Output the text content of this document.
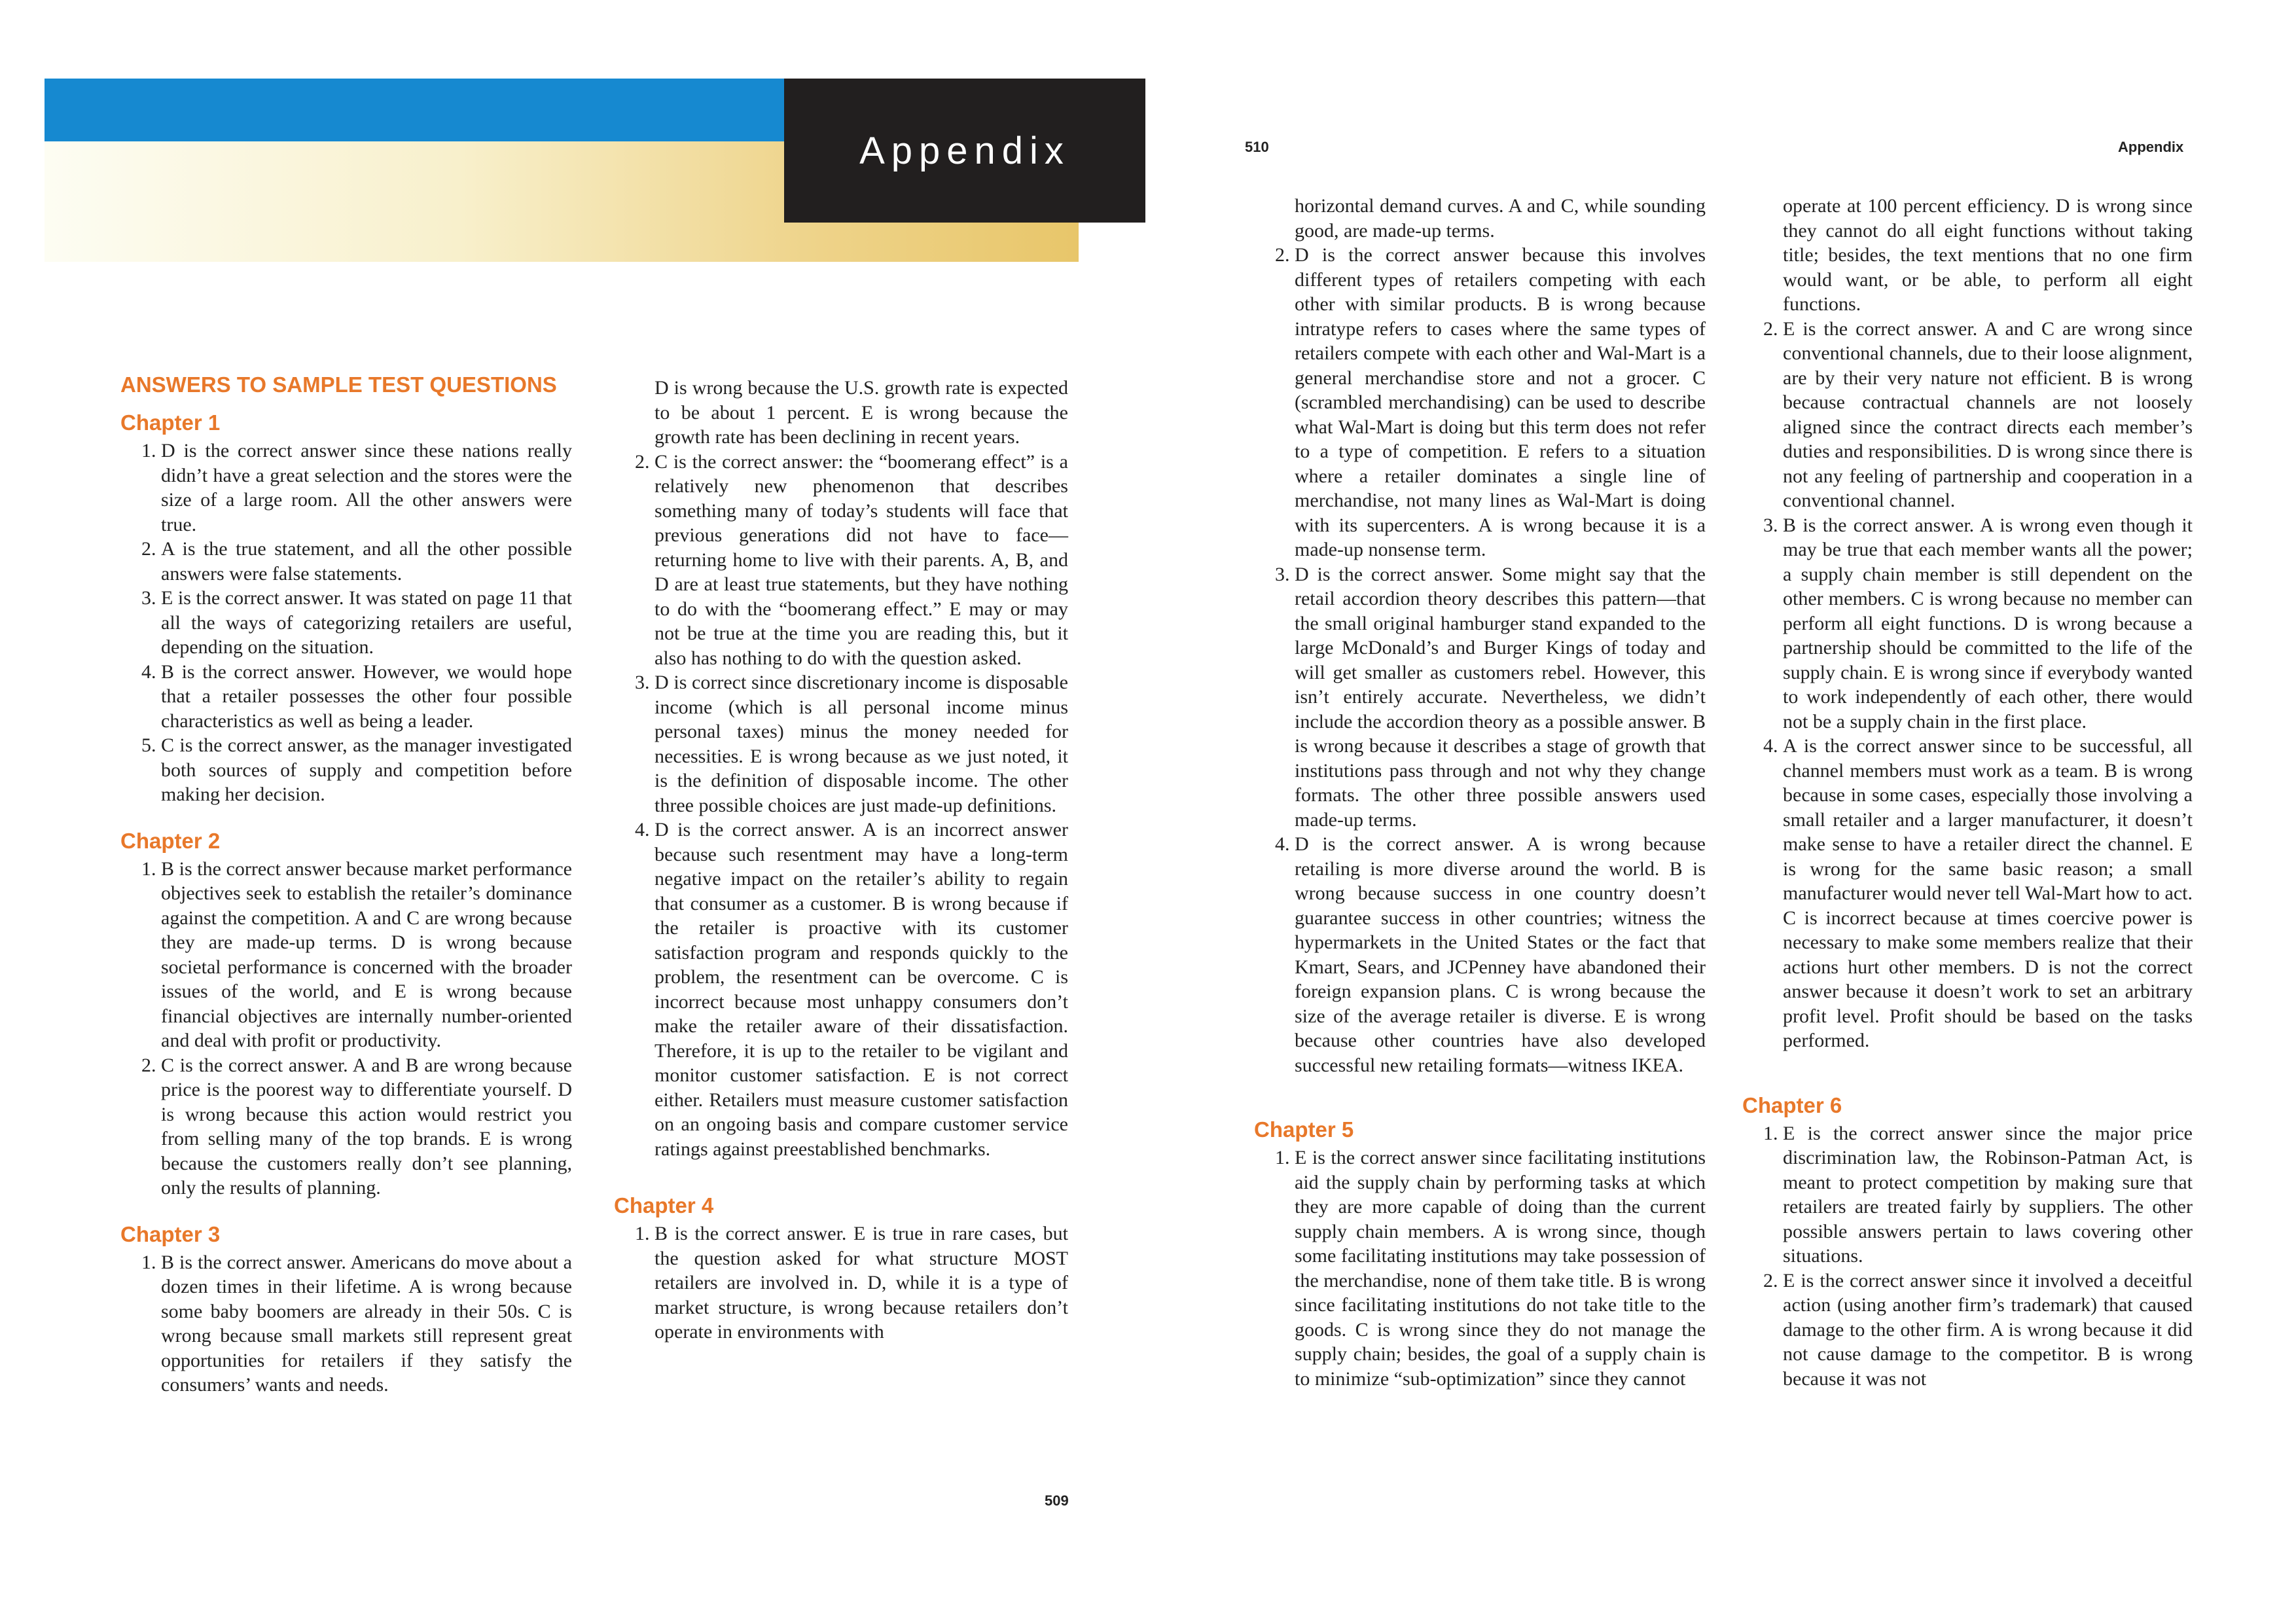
Appendix
ANSWERS TO SAMPLE TEST QUESTIONS
Chapter 1
1. D is the correct answer since these nations really didn’t have a great selection and the stores were the size of a large room. All the other answers were true.
2. A is the true statement, and all the other possible answers were false statements.
3. E is the correct answer. It was stated on page 11 that all the ways of categorizing retailers are useful, depending on the situation.
4. B is the correct answer. However, we would hope that a retailer possesses the other four possible characteristics as well as being a leader.
5. C is the correct answer, as the manager investigated both sources of supply and competition before making her decision.
Chapter 2
1. B is the correct answer because market performance objectives seek to establish the retailer’s dominance against the competition. A and C are wrong because they are made-up terms. D is wrong because societal performance is concerned with the broader issues of the world, and E is wrong because financial objectives are internally number-oriented and deal with profit or productivity.
2. C is the correct answer. A and B are wrong because price is the poorest way to differentiate yourself. D is wrong because this action would restrict you from selling many of the top brands. E is wrong because the customers really don’t see planning, only the results of planning.
Chapter 3
1. B is the correct answer. Americans do move about a dozen times in their lifetime. A is wrong because some baby boomers are already in their 50s. C is wrong because small markets still represent great opportunities for retailers if they satisfy the consumers’ wants and needs.

D is wrong because the U.S. growth rate is expected to be about 1 percent. E is wrong because the growth rate has been declining in recent years.

2. C is the correct answer: the “boomerang effect” is a relatively new phenomenon that describes something many of today’s students will face that previous generations did not have to face—returning home to live with their parents. A, B, and D are at least true statements, but they have nothing to do with the “boomerang effect.” E may or may not be true at the time you are reading this, but it also has nothing to do with the question asked.
3. D is correct since discretionary income is disposable income (which is all personal income minus personal taxes) minus the money needed for necessities. E is wrong because as we just noted, it is the definition of disposable income. The other three possible choices are just made-up definitions.
4. D is the correct answer. A is an incorrect answer because such resentment may have a long-term negative impact on the retailer’s ability to regain that consumer as a customer. B is wrong because if the retailer is proactive with its customer satisfaction program and responds quickly to the problem, the resentment can be overcome. C is incorrect because most unhappy consumers don’t make the retailer aware of their dissatisfaction. Therefore, it is up to the retailer to be vigilant and monitor customer satisfaction. E is not correct either. Retailers must measure customer satisfaction on an ongoing basis and compare customer service ratings against preestablished benchmarks.
Chapter 4
1. B is the correct answer. E is true in rare cases, but the question asked for what structure MOST retailers are involved in. D, while it is a type of market structure, is wrong because retailers don’t operate in environments with
509
510	Appendix

horizontal demand curves. A and C, while sounding good, are made-up terms.

2. D is the correct answer because this involves different types of retailers competing with each other with similar products. B is wrong because intratype refers to cases where the same types of retailers compete with each other and Wal-Mart is a general merchandise store and not a grocer. C (scrambled merchandising) can be used to describe what Wal-Mart is doing but this term does not refer to a type of competition. E refers to a situation where a retailer dominates a single line of merchandise, not many lines as Wal-Mart is doing with its supercenters. A is wrong because it is a made-up nonsense term.
3. D is the correct answer. Some might say that the retail accordion theory describes this pattern—that the small original hamburger stand expanded to the large McDonald’s and Burger Kings of today and will get smaller as customers rebel. However, this isn’t entirely accurate. Nevertheless, we didn’t include the accordion theory as a possible answer. B is wrong because it describes a stage of growth that institutions pass through and not why they change formats. The other three possible answers used made-up terms.
4. D is the correct answer. A is wrong because retailing is more diverse around the world. B is wrong because success in one country doesn’t guarantee success in other countries; witness the hypermarkets in the United States or the fact that Kmart, Sears, and JCPenney have abandoned their foreign expansion plans. C is wrong because the size of the average retailer is diverse. E is wrong because other countries have also developed successful new retailing formats—witness IKEA.
Chapter 5
1. E is the correct answer since facilitating institutions aid the supply chain by performing tasks at which they are more capable of doing than the current supply chain members. A is wrong since, though some facilitating institutions may take possession of the merchandise, none of them take title. B is wrong since facilitating institutions do not take title to the goods. C is wrong since they do not manage the supply chain; besides, the goal of a supply chain is to minimize “sub-optimization” since they cannot

operate at 100 percent efficiency. D is wrong since they cannot do all eight functions without taking title; besides, the text mentions that no one firm would want, or be able, to perform all eight functions.

2. E is the correct answer. A and C are wrong since conventional channels, due to their loose alignment, are by their very nature not efficient. B is wrong because contractual channels are not loosely aligned since the contract directs each member’s duties and responsibilities. D is wrong since there is not any feeling of partnership and cooperation in a conventional channel.
3. B is the correct answer. A is wrong even though it may be true that each member wants all the power; a supply chain member is still dependent on the other members. C is wrong because no member can perform all eight functions. D is wrong because a partnership should be committed to the life of the supply chain. E is wrong since if everybody wanted to work independently of each other, there would not be a supply chain in the first place.
4. A is the correct answer since to be successful, all channel members must work as a team. B is wrong because in some cases, especially those involving a small retailer and a larger manufacturer, it doesn’t make sense to have a retailer direct the channel. E is wrong for the same basic reason; a small manufacturer would never tell Wal-Mart how to act. C is incorrect because at times coercive power is necessary to make some members realize that their actions hurt other members. D is not the correct answer because it doesn’t work to set an arbitrary profit level. Profit should be based on the tasks performed.
Chapter 6
1. E is the correct answer since the major price discrimination law, the Robinson-Patman Act, is meant to protect competition by making sure that retailers are treated fairly by suppliers. The other possible answers pertain to laws covering other situations.
2. E is the correct answer since it involved a deceitful action (using another firm’s trademark) that caused damage to the other firm. A is wrong because it did not cause damage to the competitor. B is wrong because it was not
